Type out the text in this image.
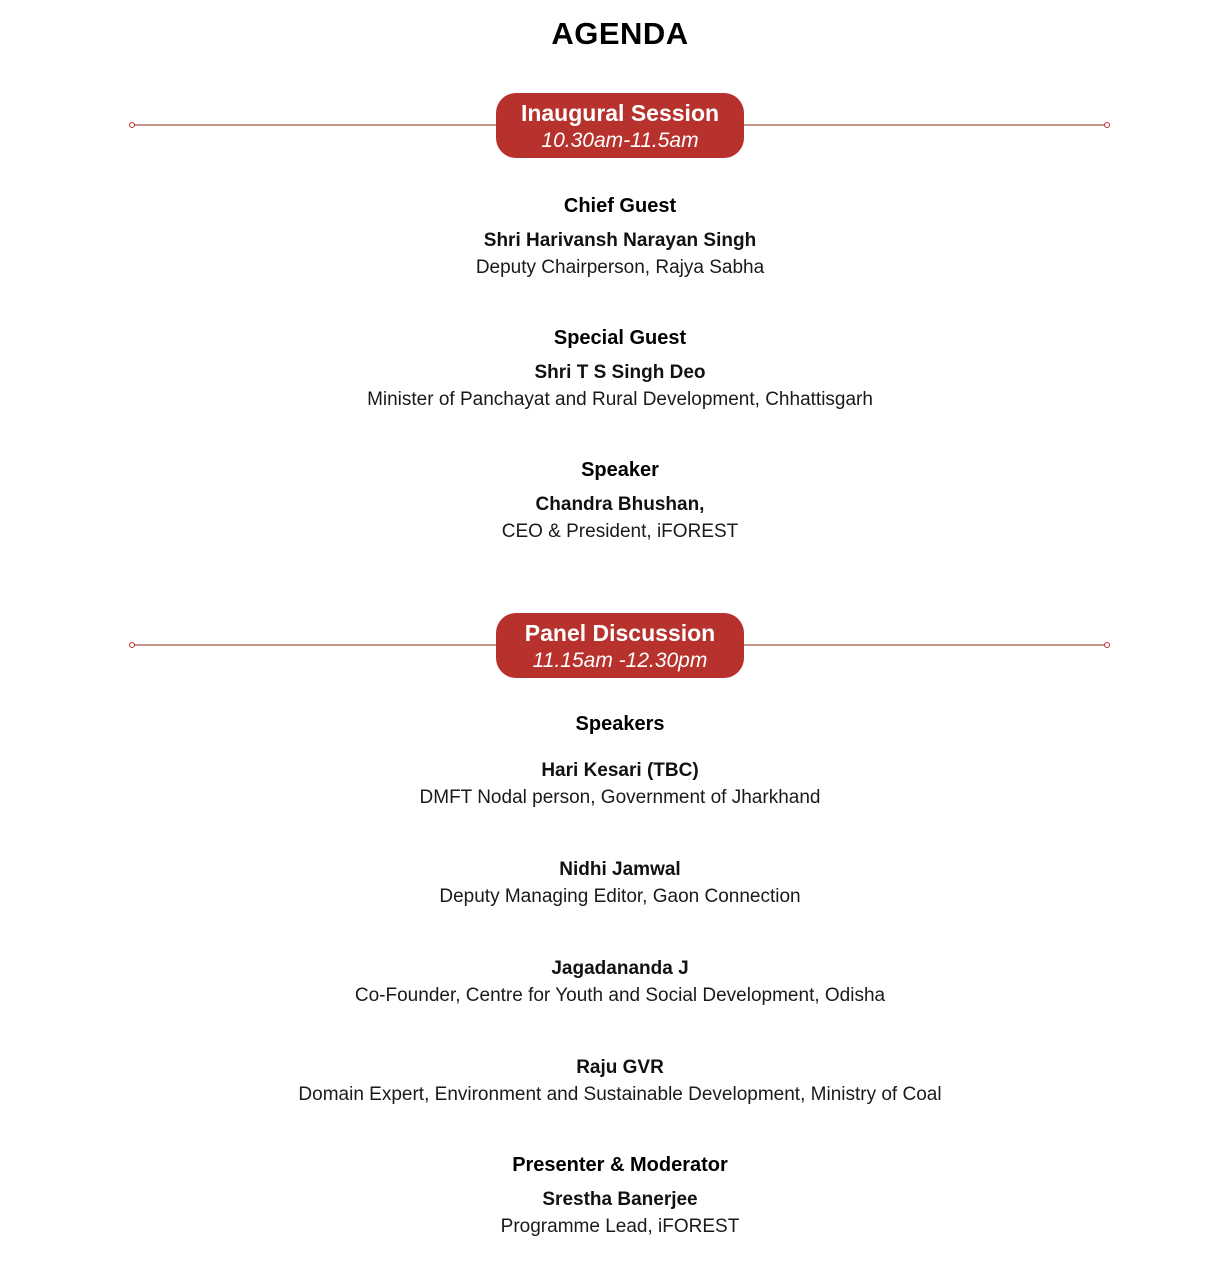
AGENDA
Inaugural Session
10.30am-11.5am
Chief Guest
Shri Harivansh Narayan Singh
Deputy Chairperson, Rajya Sabha
Special Guest
Shri T S Singh Deo
Minister of Panchayat and Rural Development, Chhattisgarh
Speaker
Chandra Bhushan,
CEO & President, iFOREST
Panel Discussion
11.15am -12.30pm
Speakers
Hari Kesari (TBC)
DMFT Nodal person, Government of Jharkhand
Nidhi Jamwal
Deputy Managing Editor, Gaon Connection
Jagadananda J
Co-Founder, Centre for Youth and Social Development, Odisha
Raju GVR
Domain Expert, Environment and Sustainable Development, Ministry of Coal
Presenter & Moderator
Srestha Banerjee
Programme Lead, iFOREST
